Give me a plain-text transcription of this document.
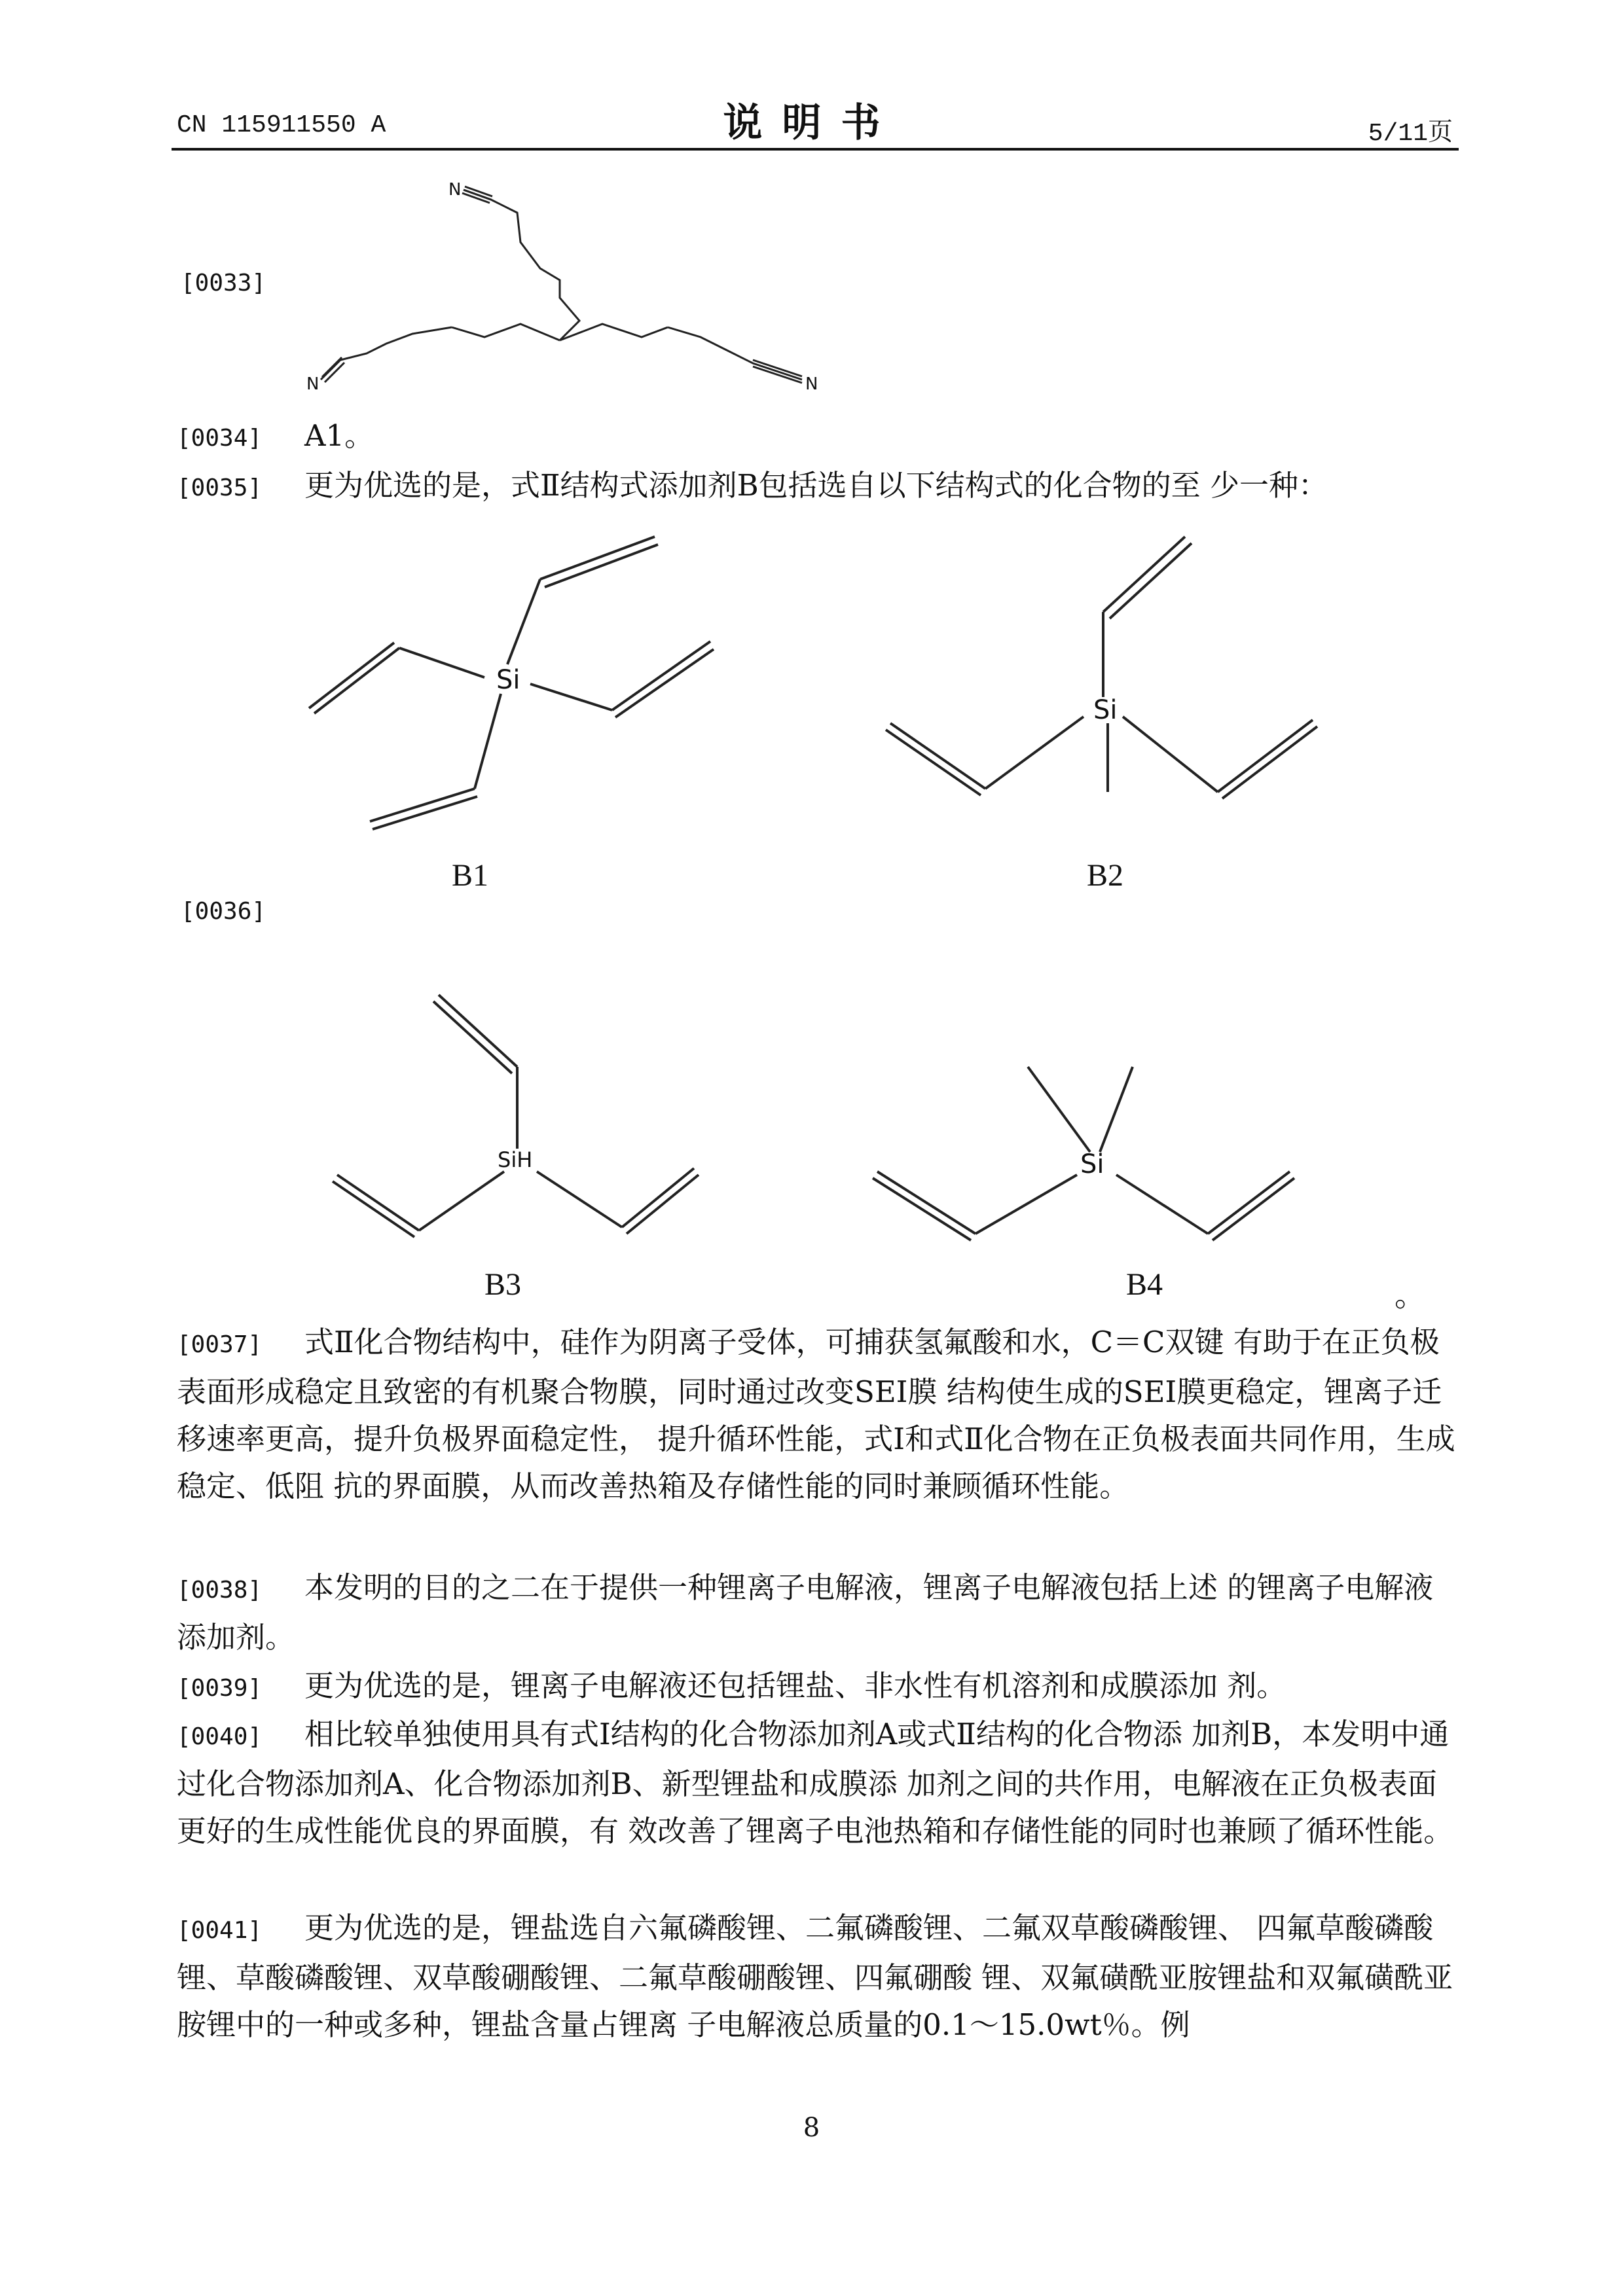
CN 115911550 A	说明书	5/11页
[0033]
N
N	N
[0034] A1。
[0035] 更为优选的是，式Ⅱ结构式添加剂B包括选自以下结构式的化合物的至 少一种：
Si
B1
Si
B2
[0036]
SiH
B3
Si
B4	。
[0037] 式Ⅱ化合物结构中，硅作为阴离子受体，可捕获氢氟酸和水，C＝C双键 有助于在正负极表面形成稳定且致密的有机聚合物膜，同时通过改变SEI膜 结构使生成的SEI膜更稳定，锂离子迁移速率更高，提升负极界面稳定性， 提升循环性能，式Ⅰ和式Ⅱ化合物在正负极表面共同作用，生成稳定、低阻 抗的界面膜，从而改善热箱及存储性能的同时兼顾循环性能。
[0038] 本发明的目的之二在于提供一种锂离子电解液，锂离子电解液包括上述 的锂离子电解液添加剂。
[0039] 更为优选的是，锂离子电解液还包括锂盐、非水性有机溶剂和成膜添加 剂。
[0040] 相比较单独使用具有式Ⅰ结构的化合物添加剂A或式Ⅱ结构的化合物添 加剂B，本发明中通过化合物添加剂A、化合物添加剂B、新型锂盐和成膜添 加剂之间的共作用，电解液在正负极表面更好的生成性能优良的界面膜，有 效改善了锂离子电池热箱和存储性能的同时也兼顾了循环性能。
[0041] 更为优选的是，锂盐选自六氟磷酸锂、二氟磷酸锂、二氟双草酸磷酸锂、 四氟草酸磷酸锂、草酸磷酸锂、双草酸硼酸锂、二氟草酸硼酸锂、四氟硼酸 锂、双氟磺酰亚胺锂盐和双氟磺酰亚胺锂中的一种或多种，锂盐含量占锂离 子电解液总质量的0.1～15.0wt％。例
8
